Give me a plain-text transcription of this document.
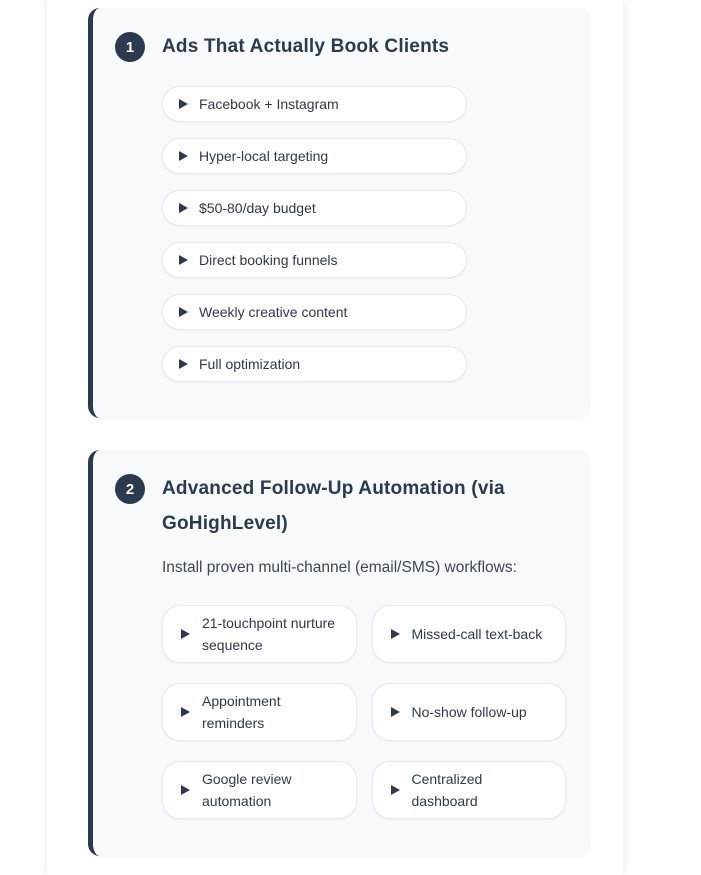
1	Ads That Actually Book Clients
Facebook + Instagram
Hyper-local targeting
$50-80/day budget
Direct booking funnels
Weekly creative content
Full optimization
2	Advanced Follow-Up Automation (via GoHighLevel)

Install proven multi-channel (email/SMS) workflows:

21-touchpoint nurture sequence
Missed-call text-back
Appointment reminders
No-show follow-up
Google review automation
Centralized dashboard
